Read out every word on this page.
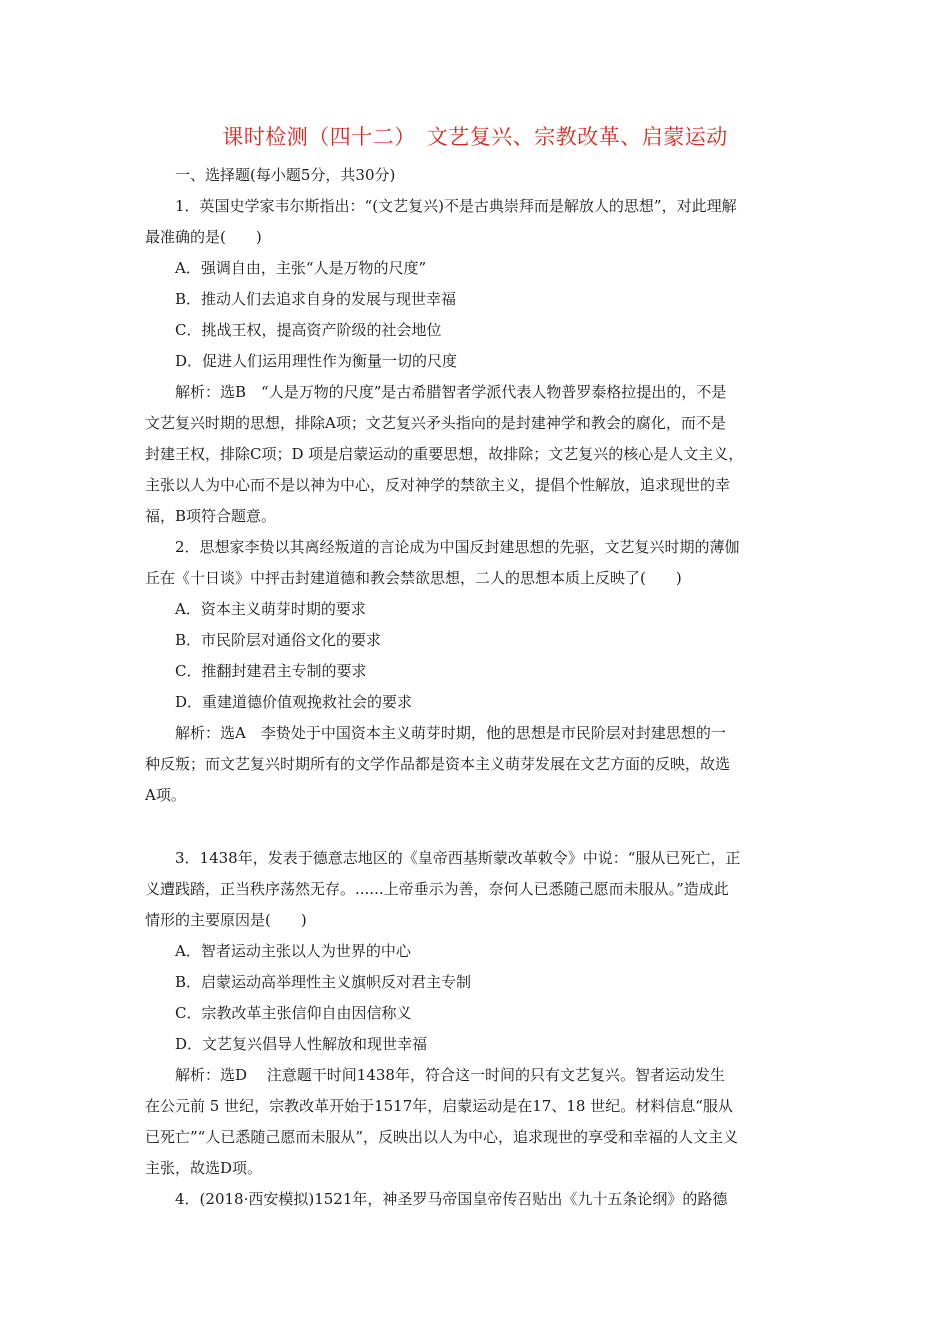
课时检测（四十二）　文艺复兴、宗教改革、启蒙运动
一、选择题(每小题5分，共30分)
1．英国史学家韦尔斯指出：“(文艺复兴)不是古典崇拜而是解放人的思想”，对此理解
最准确的是(　　)
A．强调自由，主张“人是万物的尺度”
B．推动人们去追求自身的发展与现世幸福
C．挑战王权，提高资产阶级的社会地位
D．促进人们运用理性作为衡量一切的尺度
解析：选B　“人是万物的尺度”是古希腊智者学派代表人物普罗泰格拉提出的，不是
文艺复兴时期的思想，排除A项；文艺复兴矛头指向的是封建神学和教会的腐化，而不是
封建王权，排除C项；D 项是启蒙运动的重要思想，故排除；文艺复兴的核心是人文主义，
主张以人为中心而不是以神为中心，反对神学的禁欲主义，提倡个性解放，追求现世的幸
福，B项符合题意。
2．思想家李贽以其离经叛道的言论成为中国反封建思想的先驱，文艺复兴时期的薄伽
丘在《十日谈》中抨击封建道德和教会禁欲思想，二人的思想本质上反映了(　　)
A．资本主义萌芽时期的要求
B．市民阶层对通俗文化的要求
C．推翻封建君主专制的要求
D．重建道德价值观挽救社会的要求
解析：选A　李贽处于中国资本主义萌芽时期，他的思想是市民阶层对封建思想的一
种反叛；而文艺复兴时期所有的文学作品都是资本主义萌芽发展在文艺方面的反映，故选
A项。
3．1438年，发表于德意志地区的《皇帝西基斯蒙改革敕令》中说：“服从已死亡，正
义遭践踏，正当秩序荡然无存。......上帝垂示为善，奈何人已悉随己愿而未服从。”造成此
情形的主要原因是(　　)
A．智者运动主张以人为世界的中心
B．启蒙运动高举理性主义旗帜反对君主专制
C．宗教改革主张信仰自由因信称义
D．文艺复兴倡导人性解放和现世幸福
解析：选D　 注意题干时间1438年，符合这一时间的只有文艺复兴。智者运动发生
在公元前 5 世纪，宗教改革开始于1517年，启蒙运动是在17、18 世纪。材料信息“服从
已死亡”“人已悉随己愿而未服从”，反映出以人为中心，追求现世的享受和幸福的人文主义
主张，故选D项。
4．(2018·西安模拟)1521年，神圣罗马帝国皇帝传召贴出《九十五条论纲》的路德
